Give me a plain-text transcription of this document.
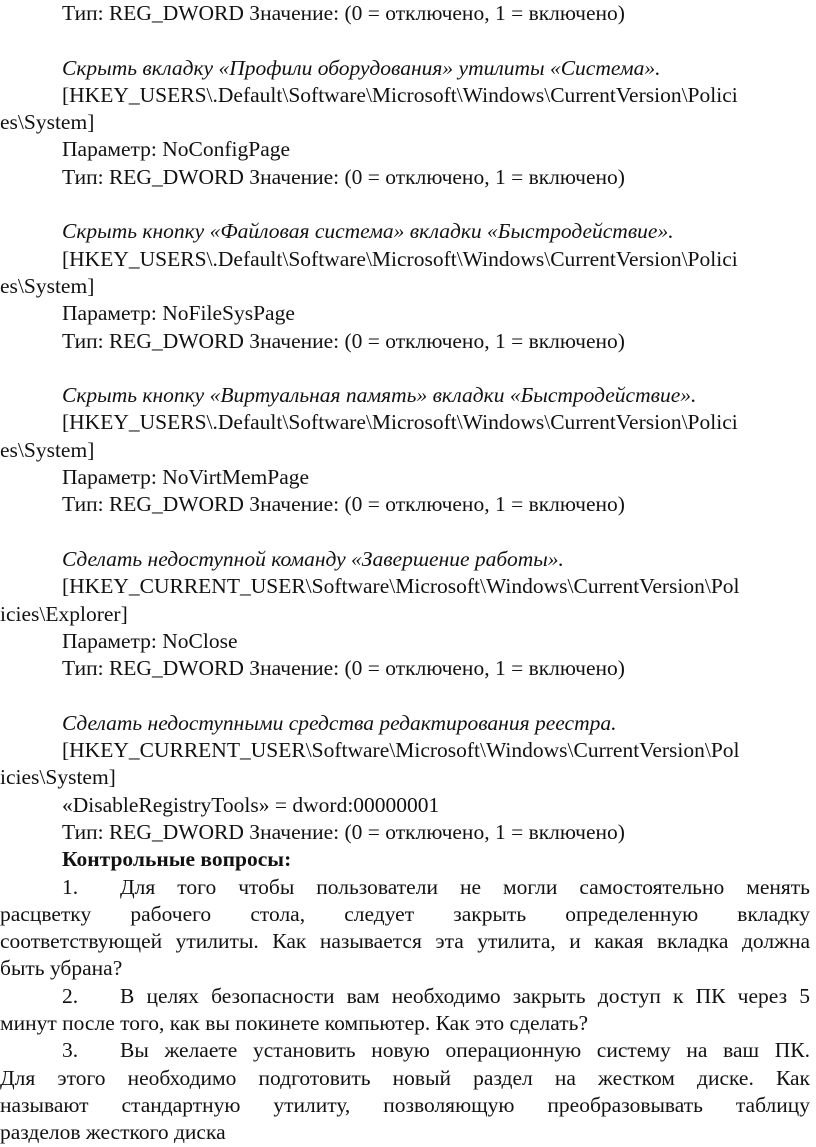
Тип: REG_DWORD Значение: (0 = отключено, 1 = включено)
Скрыть вкладку «Профили оборудования» утилиты «Система».
[HKEY_USERS\.Default\Software\Microsoft\Windows\CurrentVersion\Polici
es\System]
Параметр: NoConfigPage
Тип: REG_DWORD Значение: (0 = отключено, 1 = включено)
Скрыть кнопку «Файловая система» вкладки «Быстродействие».
[HKEY_USERS\.Default\Software\Microsoft\Windows\CurrentVersion\Polici
es\System]
Параметр: NoFileSysPage
Тип: REG_DWORD Значение: (0 = отключено, 1 = включено)
Скрыть кнопку «Виртуальная память» вкладки «Быстродействие».
[HKEY_USERS\.Default\Software\Microsoft\Windows\CurrentVersion\Polici
es\System]
Параметр: NoVirtMemPage
Тип: REG_DWORD Значение: (0 = отключено, 1 = включено)
Сделать недоступной команду «Завершение работы».
[HKEY_CURRENT_USER\Software\Microsoft\Windows\CurrentVersion\Pol
icies\Explorer]
Параметр: NoClose
Тип: REG_DWORD Значение: (0 = отключено, 1 = включено)
Сделать недоступными средства редактирования реестра.
[HKEY_CURRENT_USER\Software\Microsoft\Windows\CurrentVersion\Pol
icies\System]
«DisableRegistryTools» = dword:00000001
Тип: REG_DWORD Значение: (0 = отключено, 1 = включено)
Контрольные вопросы:
1. Для того чтобы пользователи не могли самостоятельно менять
расцветку рабочего стола, следует закрыть определенную вкладку
соответствующей утилиты. Как называется эта утилита, и какая вкладка должна
быть убрана?
2. В целях безопасности вам необходимо закрыть доступ к ПК через 5
минут после того, как вы покинете компьютер. Как это сделать?
3. Вы желаете установить новую операционную систему на ваш ПК.
Для этого необходимо подготовить новый раздел на жестком диске. Как
называют стандартную утилиту, позволяющую преобразовывать таблицу
разделов жесткого диска
